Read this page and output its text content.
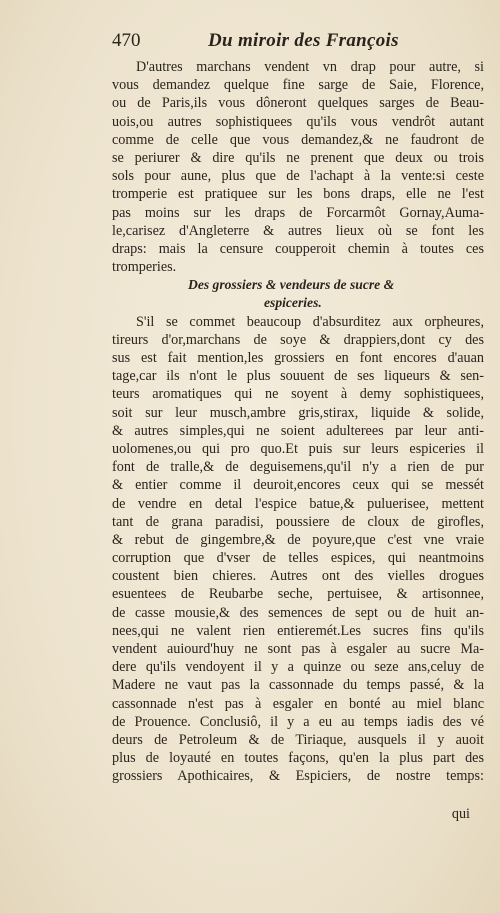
470	Du miroir des François
D'autres marchans vendent vn drap pour autre, si
vous demandez quelque fine sarge de Saie, Florence,
ou de Paris,ils vous dôneront quelques sarges de Beau-
uois,ou autres sophistiquees qu'ils vous vendrôt autant
comme de celle que vous demandez,& ne faudront de
se periurer & dire qu'ils ne prenent que deux ou trois
sols pour aune, plus que de l'achapt à la vente:si ceste
tromperie est pratiquee sur les bons draps, elle ne l'est
pas moins sur les draps de Forcarmôt Gornay,Auma-
le,carisez d'Angleterre & autres lieux où se font les
draps: mais la censure coupperoit chemin à toutes ces
tromperies.
Des grossiers & vendeurs de sucre &
espiceries.
S'il se commet beaucoup d'absurditez aux orpheures,
tireurs d'or,marchans de soye & drappiers,dont cy des
sus est fait mention,les grossiers en font encores d'auan
tage,car ils n'ont le plus souuent de ses liqueurs & sen-
teurs aromatiques qui ne soyent à demy sophistiquees,
soit sur leur musch,ambre gris,stirax, liquide & solide,
& autres simples,qui ne soient adulterees par leur anti-
uolomenes,ou qui pro quo.Et puis sur leurs espiceries il
font de tralle,& de deguisemens,qu'il n'y a rien de pur
& entier comme il deuroit,encores ceux qui se messét
de vendre en detal l'espice batue,& puluerisee, mettent
tant de grana paradisi, poussiere de cloux de girofles,
& rebut de gingembre,& de poyure,que c'est vne vraie
corruption que d'vser de telles espices, qui neantmoins
coustent bien chieres. Autres ont des vielles drogues
esuentees de Reubarbe seche, pertuisee, & artisonnee,
de casse mousie,& des semences de sept ou de huit an-
nees,qui ne valent rien entieremét.Les sucres fins qu'ils
vendent auiourd'huy ne sont pas à esgaler au sucre Ma-
dere qu'ils vendoyent il y a quinze ou seze ans,celuy de
Madere ne vaut pas la cassonnade du temps passé, & la
cassonnade n'est pas à esgaler en bonté au miel blanc
de Prouence. Conclusiô, il y a eu au temps iadis des vé
deurs de Petroleum & de Tiriaque, ausquels il y auoit
plus de loyauté en toutes façons, qu'en la plus part des
grossiers Apothicaires, & Espiciers, de nostre temps:
qui
